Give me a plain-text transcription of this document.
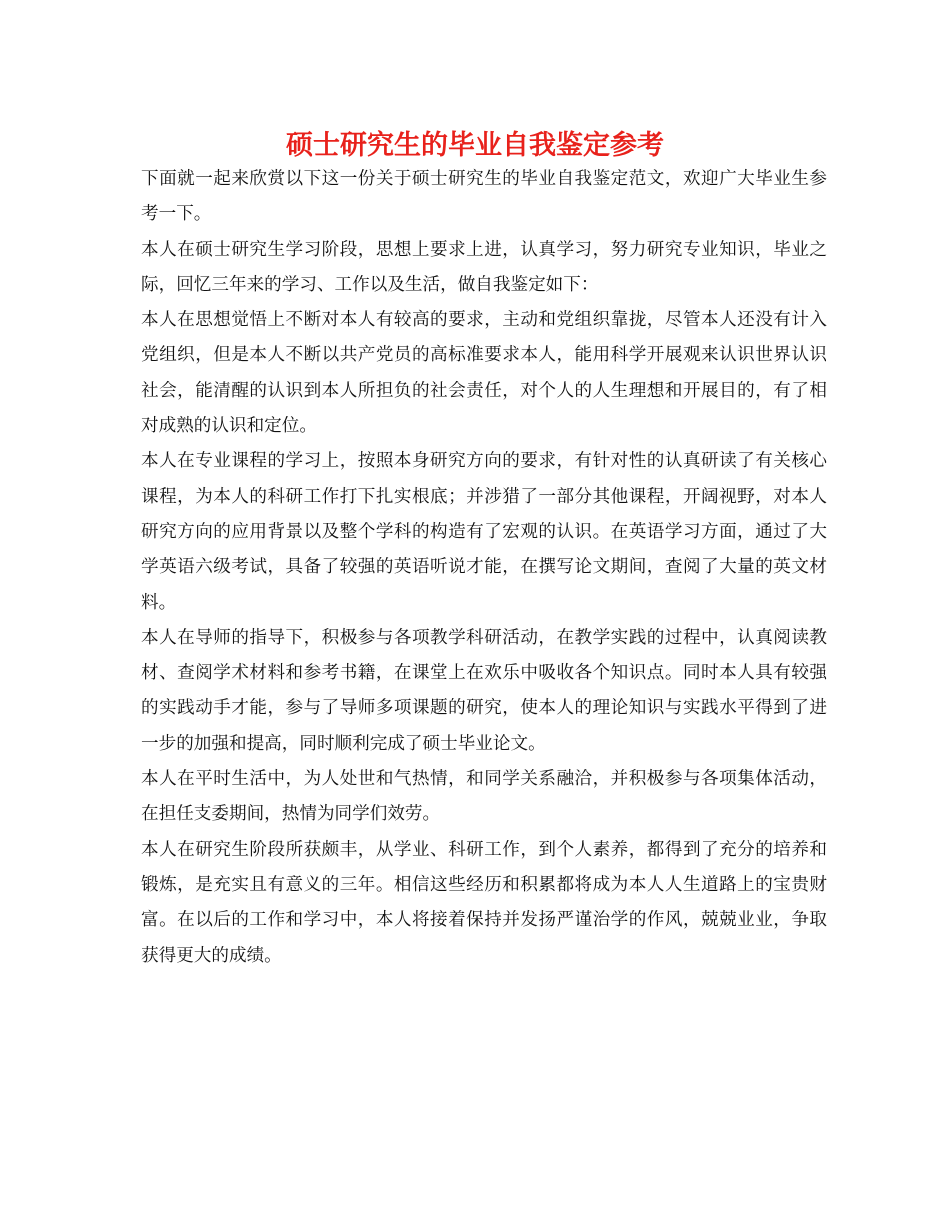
硕士研究生的毕业自我鉴定参考

下面就一起来欣赏以下这一份关于硕士研究生的毕业自我鉴定范文，欢迎广大毕业生参考一下。

本人在硕士研究生学习阶段，思想上要求上进，认真学习，努力研究专业知识，毕业之际，回忆三年来的学习、工作以及生活，做自我鉴定如下：

本人在思想觉悟上不断对本人有较高的要求，主动和党组织靠拢，尽管本人还没有计入党组织，但是本人不断以共产党员的高标准要求本人，能用科学开展观来认识世界认识社会，能清醒的认识到本人所担负的社会责任，对个人的人生理想和开展目的，有了相对成熟的认识和定位。

本人在专业课程的学习上，按照本身研究方向的要求，有针对性的认真研读了有关核心课程，为本人的科研工作打下扎实根底；并涉猎了一部分其他课程，开阔视野，对本人研究方向的应用背景以及整个学科的构造有了宏观的认识。在英语学习方面，通过了大学英语六级考试，具备了较强的英语听说才能，在撰写论文期间，查阅了大量的英文材料。

本人在导师的指导下，积极参与各项教学科研活动，在教学实践的过程中，认真阅读教材、查阅学术材料和参考书籍，在课堂上在欢乐中吸收各个知识点。同时本人具有较强的实践动手才能，参与了导师多项课题的研究，使本人的理论知识与实践水平得到了进一步的加强和提高，同时顺利完成了硕士毕业论文。

本人在平时生活中，为人处世和气热情，和同学关系融洽，并积极参与各项集体活动，在担任支委期间，热情为同学们效劳。

本人在研究生阶段所获颇丰，从学业、科研工作，到个人素养，都得到了充分的培养和锻炼，是充实且有意义的三年。相信这些经历和积累都将成为本人人生道路上的宝贵财富。在以后的工作和学习中，本人将接着保持并发扬严谨治学的作风，兢兢业业，争取获得更大的成绩。
